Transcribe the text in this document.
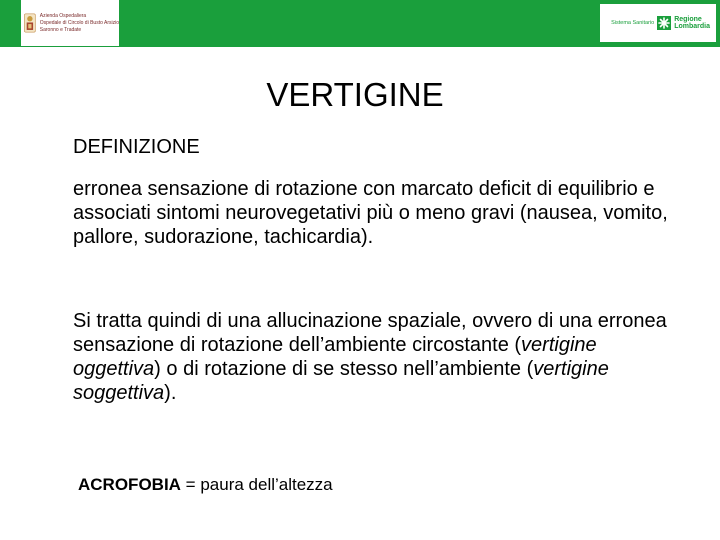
Azienda Ospedaliera
Ospedale di Circolo di Busto Arsizio
Saronno e Tradate
Sistema Sanitario	Regione
Lombardia
VERTIGINE
DEFINIZIONE

erronea sensazione di rotazione con marcato deficit di equilibrio e associati sintomi neurovegetativi più o meno gravi (nausea, vomito, pallore, sudorazione, tachicardia).

Si tratta quindi di una allucinazione spaziale, ovvero di una erronea sensazione di rotazione dell’ambiente circostante (vertigine oggettiva) o di rotazione di se stesso nell’ambiente (vertigine soggettiva).

ACROFOBIA = paura dell’altezza
